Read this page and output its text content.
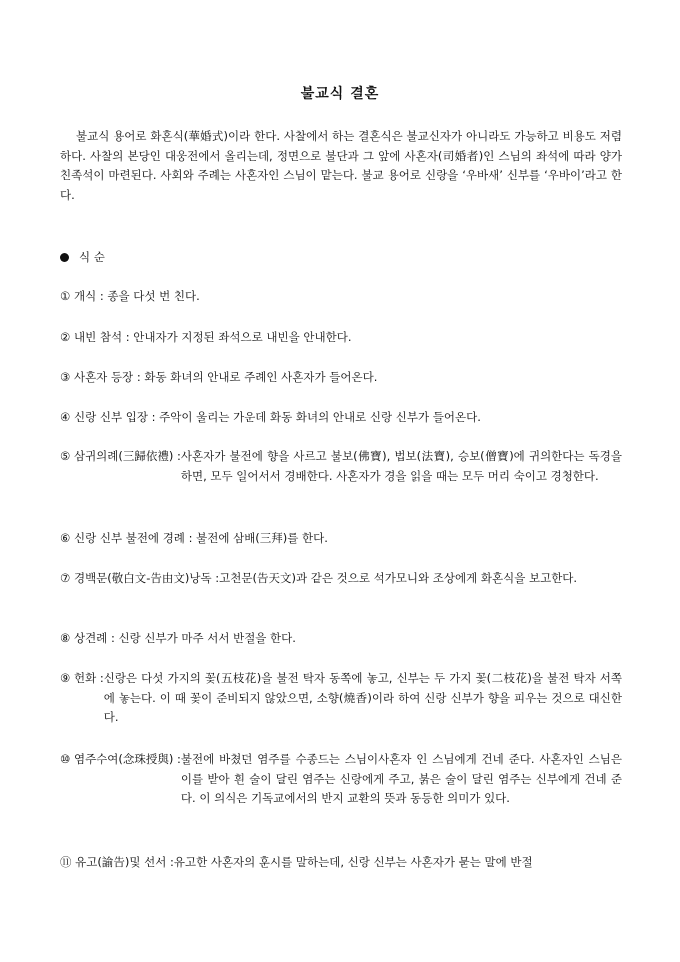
불교식 결혼

불교식 용어로 화혼식(華婚式)이라 한다. 사찰에서 하는 결혼식은 불교신자가 아니라도 가능하고 비용도 저렴하다. 사찰의 본당인 대웅전에서 올리는데, 정면으로 불단과 그 앞에 사혼자(司婚者)인 스님의 좌석에 따라 양가 친족석이 마련된다. 사회와 주례는 사혼자인 스님이 맡는다. 불교 용어로 신랑을 ‘우바새’ 신부를 ‘우바이’라고 한다.

식 순
① 개식 : 종을 다섯 번 친다.
② 내빈 참석 : 안내자가 지정된 좌석으로 내빈을 안내한다.
③ 사혼자 등장 : 화동 화녀의 안내로 주례인 사혼자가 들어온다.
④ 신랑 신부 입장 : 주악이 울리는 가운데 화동 화녀의 안내로 신랑 신부가 들어온다.
⑤ 삼귀의례(三歸依禮) : 사혼자가 불전에 향을 사르고 불보(佛寶), 법보(法寶), 승보(僧寶)에 귀의한다는 독경을 하면, 모두 일어서서 경배한다. 사혼자가 경을 읽을 때는 모두 머리 숙이고 경청한다.
⑥ 신랑 신부 불전에 경례 : 불전에 삼배(三拜)를 한다.
⑦ 경백문(敬白文-告由文)낭독 : 고천문(告天文)과 같은 것으로 석가모니와 조상에게 화혼식을 보고한다.
⑧ 상견례 : 신랑 신부가 마주 서서 반절을 한다.
⑨ 헌화 : 신랑은 다섯 가지의 꽃(五枝花)을 불전 탁자 동쪽에 놓고, 신부는 두 가지 꽃(二枝花)을 불전 탁자 서쪽에 놓는다. 이 때 꽃이 준비되지 않았으면, 소향(燒香)이라 하여 신랑 신부가 향을 피우는 것으로 대신한다.
⑩ 염주수여(念珠授與) : 불전에 바쳤던 염주를 수종드는 스님이사혼자 인 스님에게 건네 준다. 사혼자인 스님은 이를 받아 흰 술이 달린 염주는 신랑에게 주고, 붉은 술이 달린 염주는 신부에게 건네 준다. 이 의식은 기독교에서의 반지 교환의 뜻과 동등한 의미가 있다.
⑪ 유고(諭告)및 선서 : 유고한 사혼자의 훈시를 말하는데, 신랑 신부는 사혼자가 묻는 말에 반절
